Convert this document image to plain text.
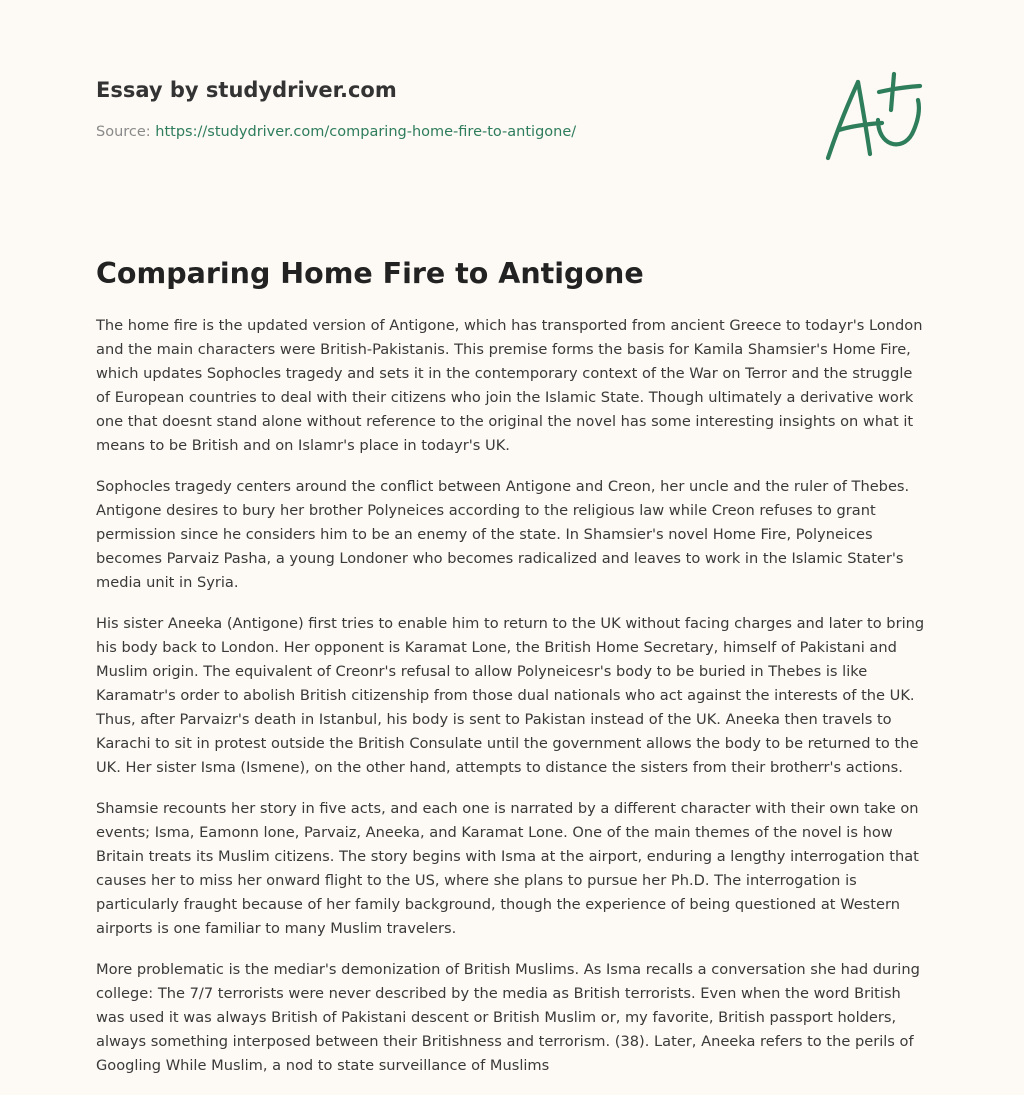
Essay by studydriver.com
Source: https://studydriver.com/comparing-home-fire-to-antigone/
Comparing Home Fire to Antigone

The home fire is the updated version of Antigone, which has transported from ancient Greece to todayr's London and the main characters were British-Pakistanis. This premise forms the basis for Kamila Shamsier's Home Fire, which updates Sophocles tragedy and sets it in the contemporary context of the War on Terror and the struggle of European countries to deal with their citizens who join the Islamic State. Though ultimately a derivative work one that doesnt stand alone without reference to the original the novel has some interesting insights on what it means to be British and on Islamr's place in todayr's UK.

Sophocles tragedy centers around the conflict between Antigone and Creon, her uncle and the ruler of Thebes. Antigone desires to bury her brother Polyneices according to the religious law while Creon refuses to grant permission since he considers him to be an enemy of the state. In Shamsier's novel Home Fire, Polyneices becomes Parvaiz Pasha, a young Londoner who becomes radicalized and leaves to work in the Islamic Stater's media unit in Syria.

His sister Aneeka (Antigone) first tries to enable him to return to the UK without facing charges and later to bring his body back to London. Her opponent is Karamat Lone, the British Home Secretary, himself of Pakistani and Muslim origin. The equivalent of Creonr's refusal to allow Polyneicesr's body to be buried in Thebes is like Karamatr's order to abolish British citizenship from those dual nationals who act against the interests of the UK. Thus, after Parvaizr's death in Istanbul, his body is sent to Pakistan instead of the UK. Aneeka then travels to Karachi to sit in protest outside the British Consulate until the government allows the body to be returned to the UK. Her sister Isma (Ismene), on the other hand, attempts to distance the sisters from their brotherr's actions.

Shamsie recounts her story in five acts, and each one is narrated by a different character with their own take on events; Isma, Eamonn lone, Parvaiz, Aneeka, and Karamat Lone. One of the main themes of the novel is how Britain treats its Muslim citizens. The story begins with Isma at the airport, enduring a lengthy interrogation that causes her to miss her onward flight to the US, where she plans to pursue her Ph.D. The interrogation is particularly fraught because of her family background, though the experience of being questioned at Western airports is one familiar to many Muslim travelers.

More problematic is the mediar's demonization of British Muslims. As Isma recalls a conversation she had during college: The 7/7 terrorists were never described by the media as British terrorists. Even when the word British was used it was always British of Pakistani descent or British Muslim or, my favorite, British passport holders, always something interposed between their Britishness and terrorism. (38). Later, Aneeka refers to the perils of Googling While Muslim, a nod to state surveillance of Muslims
